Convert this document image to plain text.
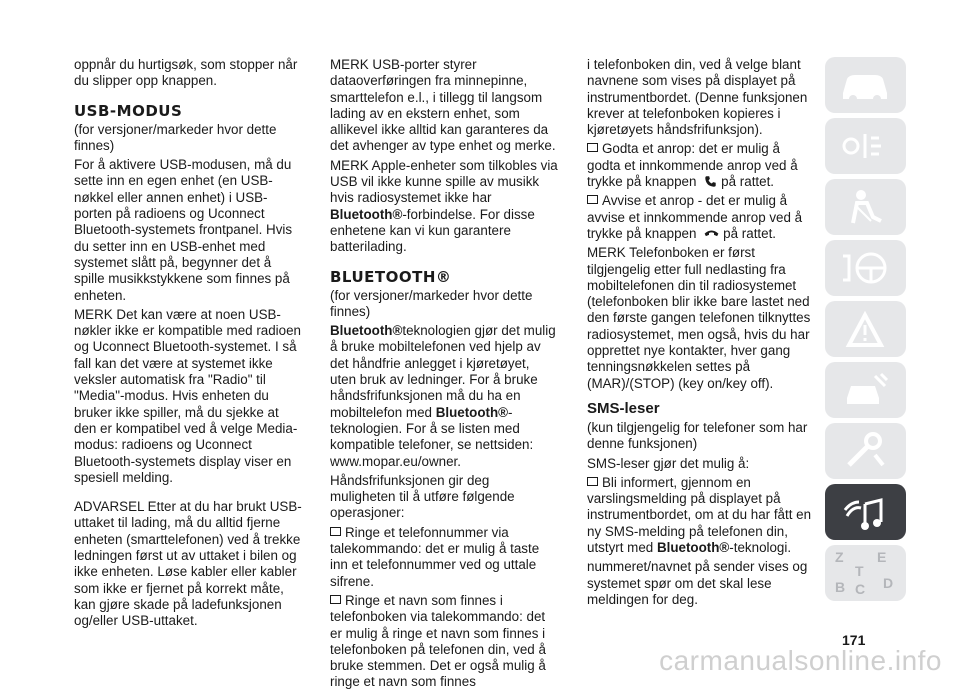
oppnår du hurtigsøk, som stopper når du slipper opp knappen.

USB-MODUS

(for versjoner/markeder hvor dette finnes)

For å aktivere USB-modusen, må du sette inn en egen enhet (en USB-nøkkel eller annen enhet) i USB-porten på radioens og Uconnect Bluetooth-systemets frontpanel. Hvis du setter inn en USB-enhet med systemet slått på, begynner det å spille musikkstykkene som finnes på enheten.

MERK Det kan være at noen USB-nøkler ikke er kompatible med radioen og Uconnect Bluetooth-systemet. I så fall kan det være at systemet ikke veksler automatisk fra "Radio" til "Media"-modus. Hvis enheten du bruker ikke spiller, må du sjekke at den er kompatibel ved å velge Media-modus: radioens og Uconnect Bluetooth-systemets display viser en spesiell melding.

ADVARSEL Etter at du har brukt USB-uttaket til lading, må du alltid fjerne enheten (smarttelefonen) ved å trekke ledningen først ut av uttaket i bilen og ikke enheten. Løse kabler eller kabler som ikke er fjernet på korrekt måte, kan gjøre skade på ladefunksjonen og/eller USB-uttaket.

MERK USB-porter styrer dataoverføringen fra minnepinne, smarttelefon e.l., i tillegg til langsom lading av en ekstern enhet, som allikevel ikke alltid kan garanteres da det avhenger av type enhet og merke.

MERK Apple-enheter som tilkobles via USB vil ikke kunne spille av musikk hvis radiosystemet ikke har Bluetooth®-forbindelse. For disse enhetene kan vi kun garantere batterilading.

BLUETOOTH®

(for versjoner/markeder hvor dette finnes)

Bluetooth®teknologien gjør det mulig å bruke mobiltelefonen ved hjelp av det håndfrie anlegget i kjøretøyet, uten bruk av ledninger. For å bruke håndsfrifunksjonen må du ha en mobiltelefon med Bluetooth®-teknologien. For å se listen med kompatible telefoner, se nettsiden: www.mopar.eu/owner.

Håndsfrifunksjonen gir deg muligheten til å utføre følgende operasjoner:

Ringe et telefonnummer via talekommando: det er mulig å taste inn et telefonnummer ved og uttale sifrene.

Ringe et navn som finnes i telefonboken via talekommando: det er mulig å ringe et navn som finnes i telefonboken på telefonen din, ved å bruke stemmen. Det er også mulig å ringe et navn som finnes

i telefonboken din, ved å velge blant navnene som vises på displayet på instrumentbordet. (Denne funksjonen krever at telefonboken kopieres i kjøretøyets håndsfrifunksjon).

Godta et anrop: det er mulig å godta et innkommende anrop ved å trykke på knappen på rattet.

Avvise et anrop - det er mulig å avvise et innkommende anrop ved å trykke på knappen på rattet.

MERK Telefonboken er først tilgjengelig etter full nedlasting fra mobiltelefonen din til radiosystemet (telefonboken blir ikke bare lastet ned den første gangen telefonen tilknyttes radiosystemet, men også, hvis du har opprettet nye kontakter, hver gang tenningsnøkkelen settes på (MAR)/(STOP) (key on/key off).

SMS-leser

(kun tilgjengelig for telefoner som har denne funksjonen)

SMS-leser gjør det mulig å:

Bli informert, gjennom en varslingsmelding på displayet på instrumentbordet, om at du har fått en ny SMS-melding på telefonen din, utstyrt med Bluetooth®-teknologi.

nummeret/navnet på sender vises og systemet spør om det skal lese meldingen for deg.

Z E
B C D
T
171
carmanualsonline.info
